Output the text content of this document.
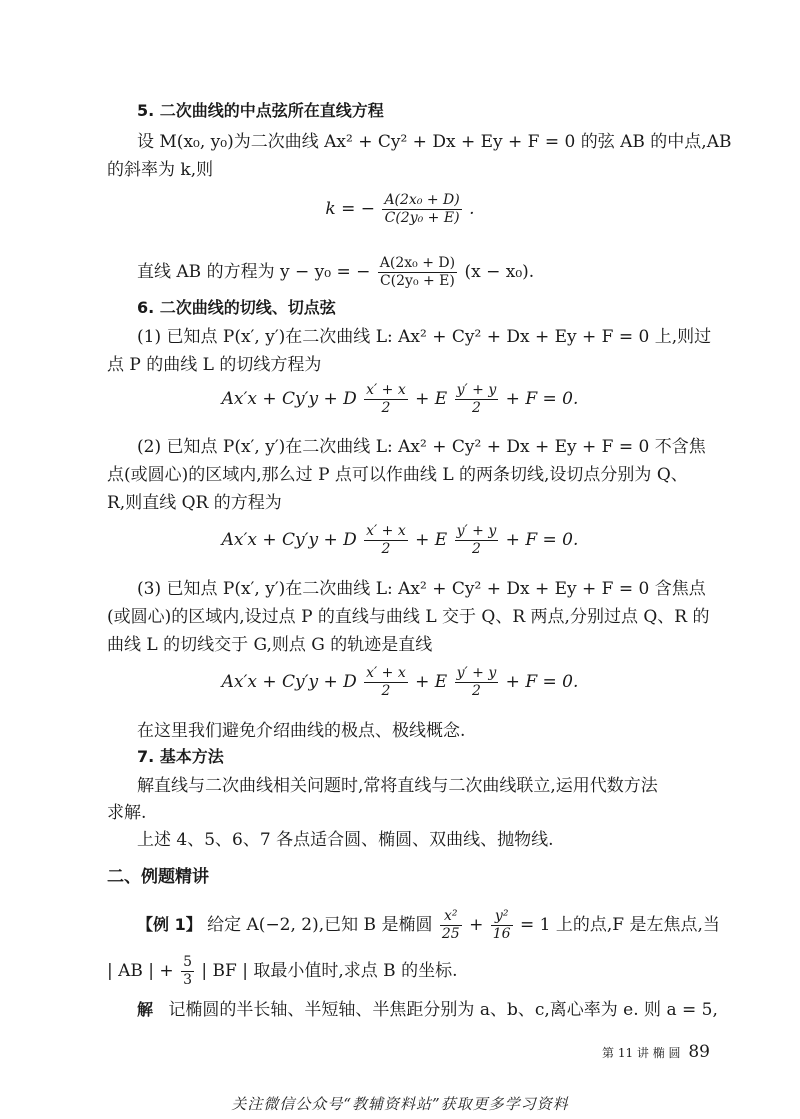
5. 二次曲线的中点弦所在直线方程
设 M(x₀, y₀)为二次曲线 Ax² + Cy² + Dx + Ey + F = 0 的弦 AB 的中点,AB
的斜率为 k,则
k = − $\frac{\text{A(2x₀ + D)}}{\text{C(2y₀ + E)}}$ .
直线 AB 的方程为 y − y₀ = − $\frac{\text{A(2x₀ + D)}}{\text{C(2y₀ + E)}} (x - x_0)$.
6. 二次曲线的切线、切点弦
(1) 已知点 P(x′, y′)在二次曲线 L: Ax² + Cy² + Dx + Ey + F = 0 上,则过
点 P 的曲线 L 的切线方程为
Ax′x + Cy′y + D $\frac{x' + x}{2} + E \frac{y' + y}{2} + F = 0$.
(2) 已知点 P(x′, y′)在二次曲线 L: Ax² + Cy² + Dx + Ey + F = 0 不含焦
点(或圆心)的区域内,那么过 P 点可以作曲线 L 的两条切线,设切点分别为 Q、
R,则直线 QR 的方程为
Ax′x + Cy′y + D $\frac{x' + x}{2} + E \frac{y' + y}{2} + F = 0$.
(3) 已知点 P(x′, y′)在二次曲线 L: Ax² + Cy² + Dx + Ey + F = 0 含焦点
(或圆心)的区域内,设过点 P 的直线与曲线 L 交于 Q、R 两点,分别过点 Q、R 的
曲线 L 的切线交于 G,则点 G 的轨迹是直线
Ax′x + Cy′y + D $\frac{x' + x}{2} + E \frac{y' + y}{2} + F = 0$.
在这里我们避免介绍曲线的极点、极线概念.
7. 基本方法
解直线与二次曲线相关问题时,常将直线与二次曲线联立,运用代数方法
求解.
上述 4、5、6、7 各点适合圆、椭圆、双曲线、抛物线.
二、例题精讲
【例 1】 给定 A(−2, 2),已知 B 是椭圆 $\frac{\text{x²}}{25} + \frac{\text{y²}}{16} = 1$ 上的点,F 是左焦点,当
| AB | + $\frac{5}{3}$ | BF | 取最小值时,求点 B 的坐标.
解 记椭圆的半长轴、半短轴、半焦距分别为 a、b、c,离心率为 e. 则 a = 5,
第 11 讲 椭 圆 89
关注微信公众号“教辅资料站”获取更多学习资料
